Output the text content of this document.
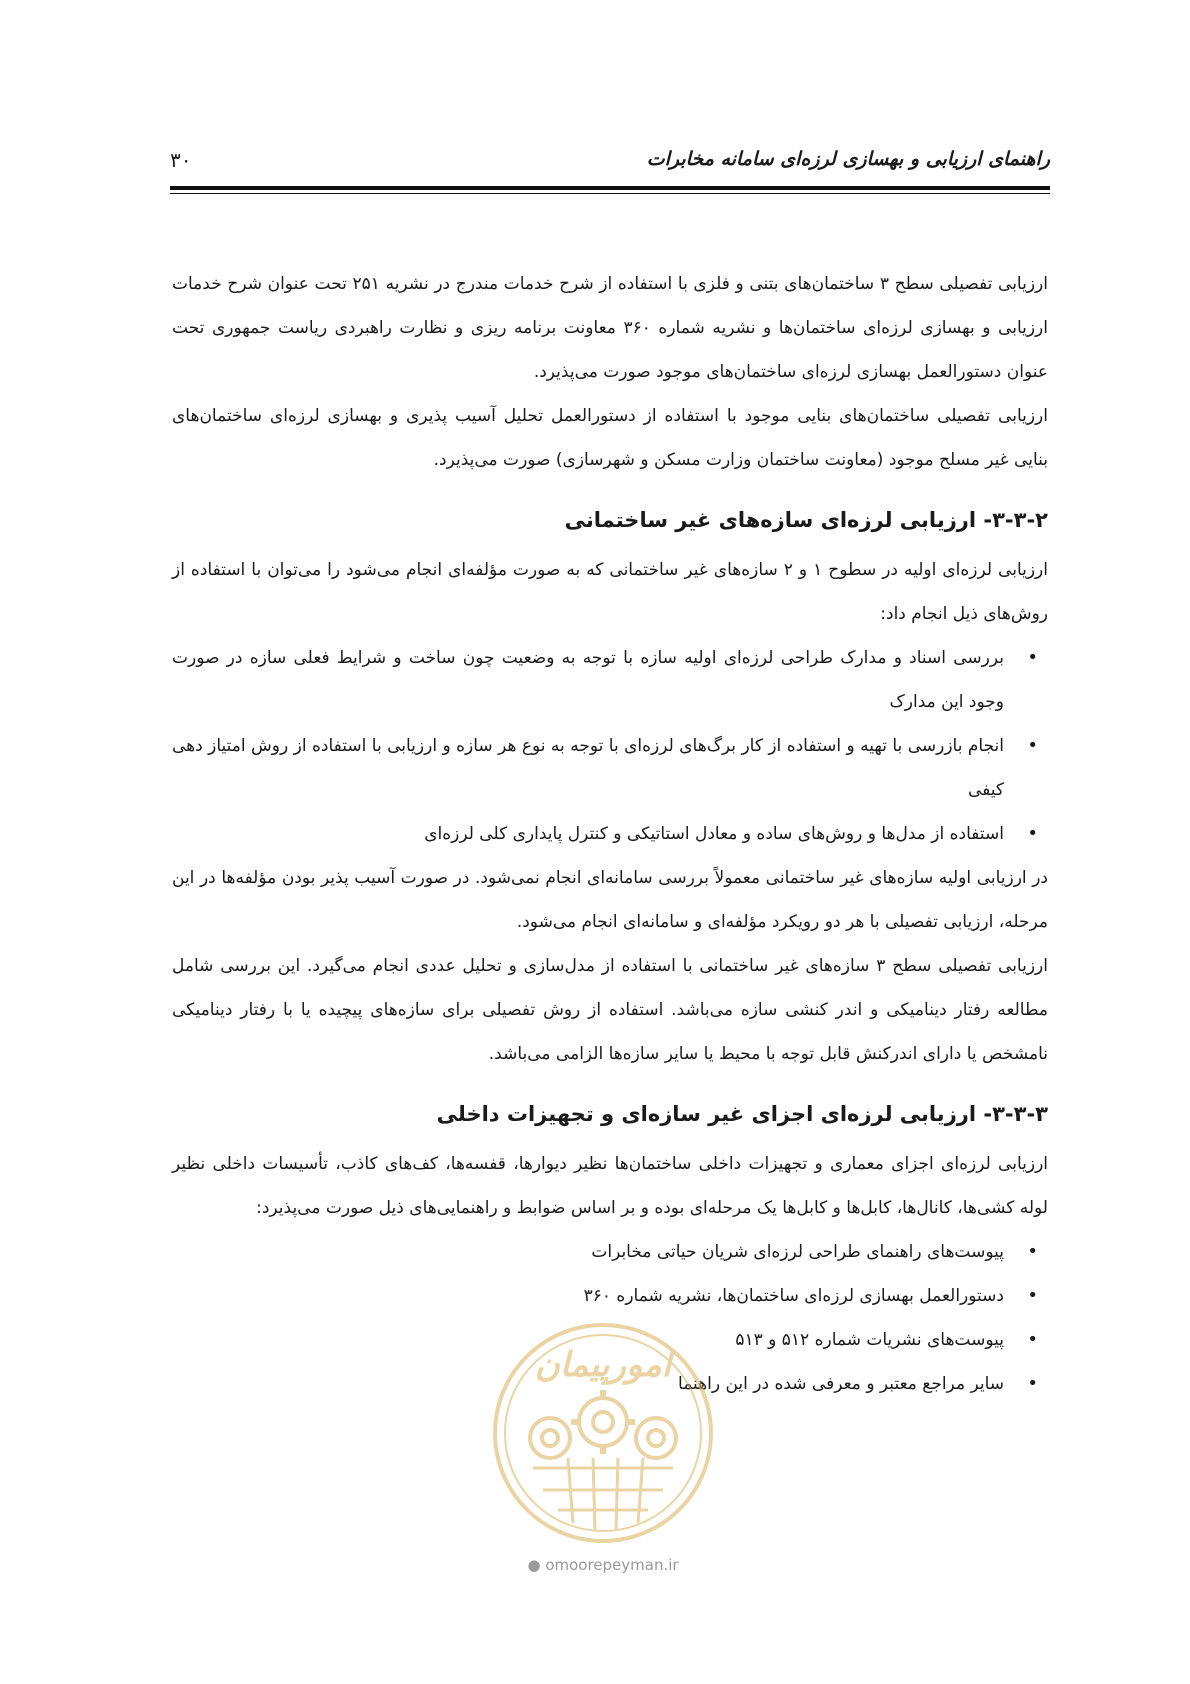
راهنمای ارزیابی و بهسازی لرزه‌ای سامانه مخابرات
۳۰

ارزیابی تفصیلی سطح ۳ ساختمان‌های بتنی و فلزی با استفاده از شرح خدمات مندرج در نشریه ۲۵۱ تحت عنوان شرح خدمات ارزیابی و بهسازی لرزه‌ای ساختمان‌ها و نشریه شماره ۳۶۰ معاونت برنامه ریزی و نظارت راهبردی ریاست جمهوری تحت عنوان دستورالعمل بهسازی لرزه‌ای ساختمان‌های موجود صورت می‌پذیرد.

ارزیابی تفصیلی ساختمان‌های بنایی موجود با استفاده از دستورالعمل تحلیل آسیب پذیری و بهسازی لرزه‌ای ساختمان‌های بنایی غیر مسلح موجود (معاونت ساختمان وزارت مسکن و شهرسازی) صورت می‌پذیرد.

۳-۳-۲- ارزیابی لرزه‌ای سازه‌های غیر ساختمانی

ارزیابی لرزه‌ای اولیه در سطوح ۱ و ۲ سازه‌های غیر ساختمانی که به صورت مؤلفه‌ای انجام می‌شود را می‌توان با استفاده از روش‌های ذیل انجام داد:

• بررسی اسناد و مدارک طراحی لرزه‌ای اولیه سازه با توجه به وضعیت چون ساخت و شرایط فعلی سازه در صورت وجود این مدارک
• انجام بازرسی با تهیه و استفاده از کار برگ‌های لرزه‌ای با توجه به نوع هر سازه و ارزیابی با استفاده از روش امتیاز دهی کیفی
• استفاده از مدل‌ها و روش‌های ساده و معادل استاتیکی و کنترل پایداری کلی لرزه‌ای

در ارزیابی اولیه سازه‌های غیر ساختمانی معمولاً بررسی سامانه‌ای انجام نمی‌شود. در صورت آسیب پذیر بودن مؤلفه‌ها در این مرحله، ارزیابی تفصیلی با هر دو رویکرد مؤلفه‌ای و سامانه‌ای انجام می‌شود.

ارزیابی تفصیلی سطح ۳ سازه‌های غیر ساختمانی با استفاده از مدل‌سازی و تحلیل عددی انجام می‌گیرد. این بررسی شامل مطالعه رفتار دینامیکی و اندر کنشی سازه می‌باشد. استفاده از روش تفصیلی برای سازه‌های پیچیده یا با رفتار دینامیکی نامشخص یا دارای اندرکنش قابل توجه با محیط یا سایر سازه‌ها الزامی می‌باشد.

۳-۳-۳- ارزیابی لرزه‌ای اجزای غیر سازه‌ای و تجهیزات داخلی

ارزیابی لرزه‌ای اجزای معماری و تجهیزات داخلی ساختمان‌ها نظیر دیوارها، قفسه‌ها، کف‌های کاذب، تأسیسات داخلی نظیر لوله کشی‌ها، کانال‌ها، کابل‌ها و کابل‌ها یک مرحله‌ای بوده و بر اساس ضوابط و راهنمایی‌های ذیل صورت می‌پذیرد:

• پیوست‌های راهنمای طراحی لرزه‌ای شریان حیاتی مخابرات
• دستورالعمل بهسازی لرزه‌ای ساختمان‌ها، نشریه شماره ۳۶۰
• پیوست‌های نشریات شماره ۵۱۲ و ۵۱۳
• سایر مراجع معتبر و معرفی شده در این راهنما
امورپیمان
● omoorepeyman.ir
